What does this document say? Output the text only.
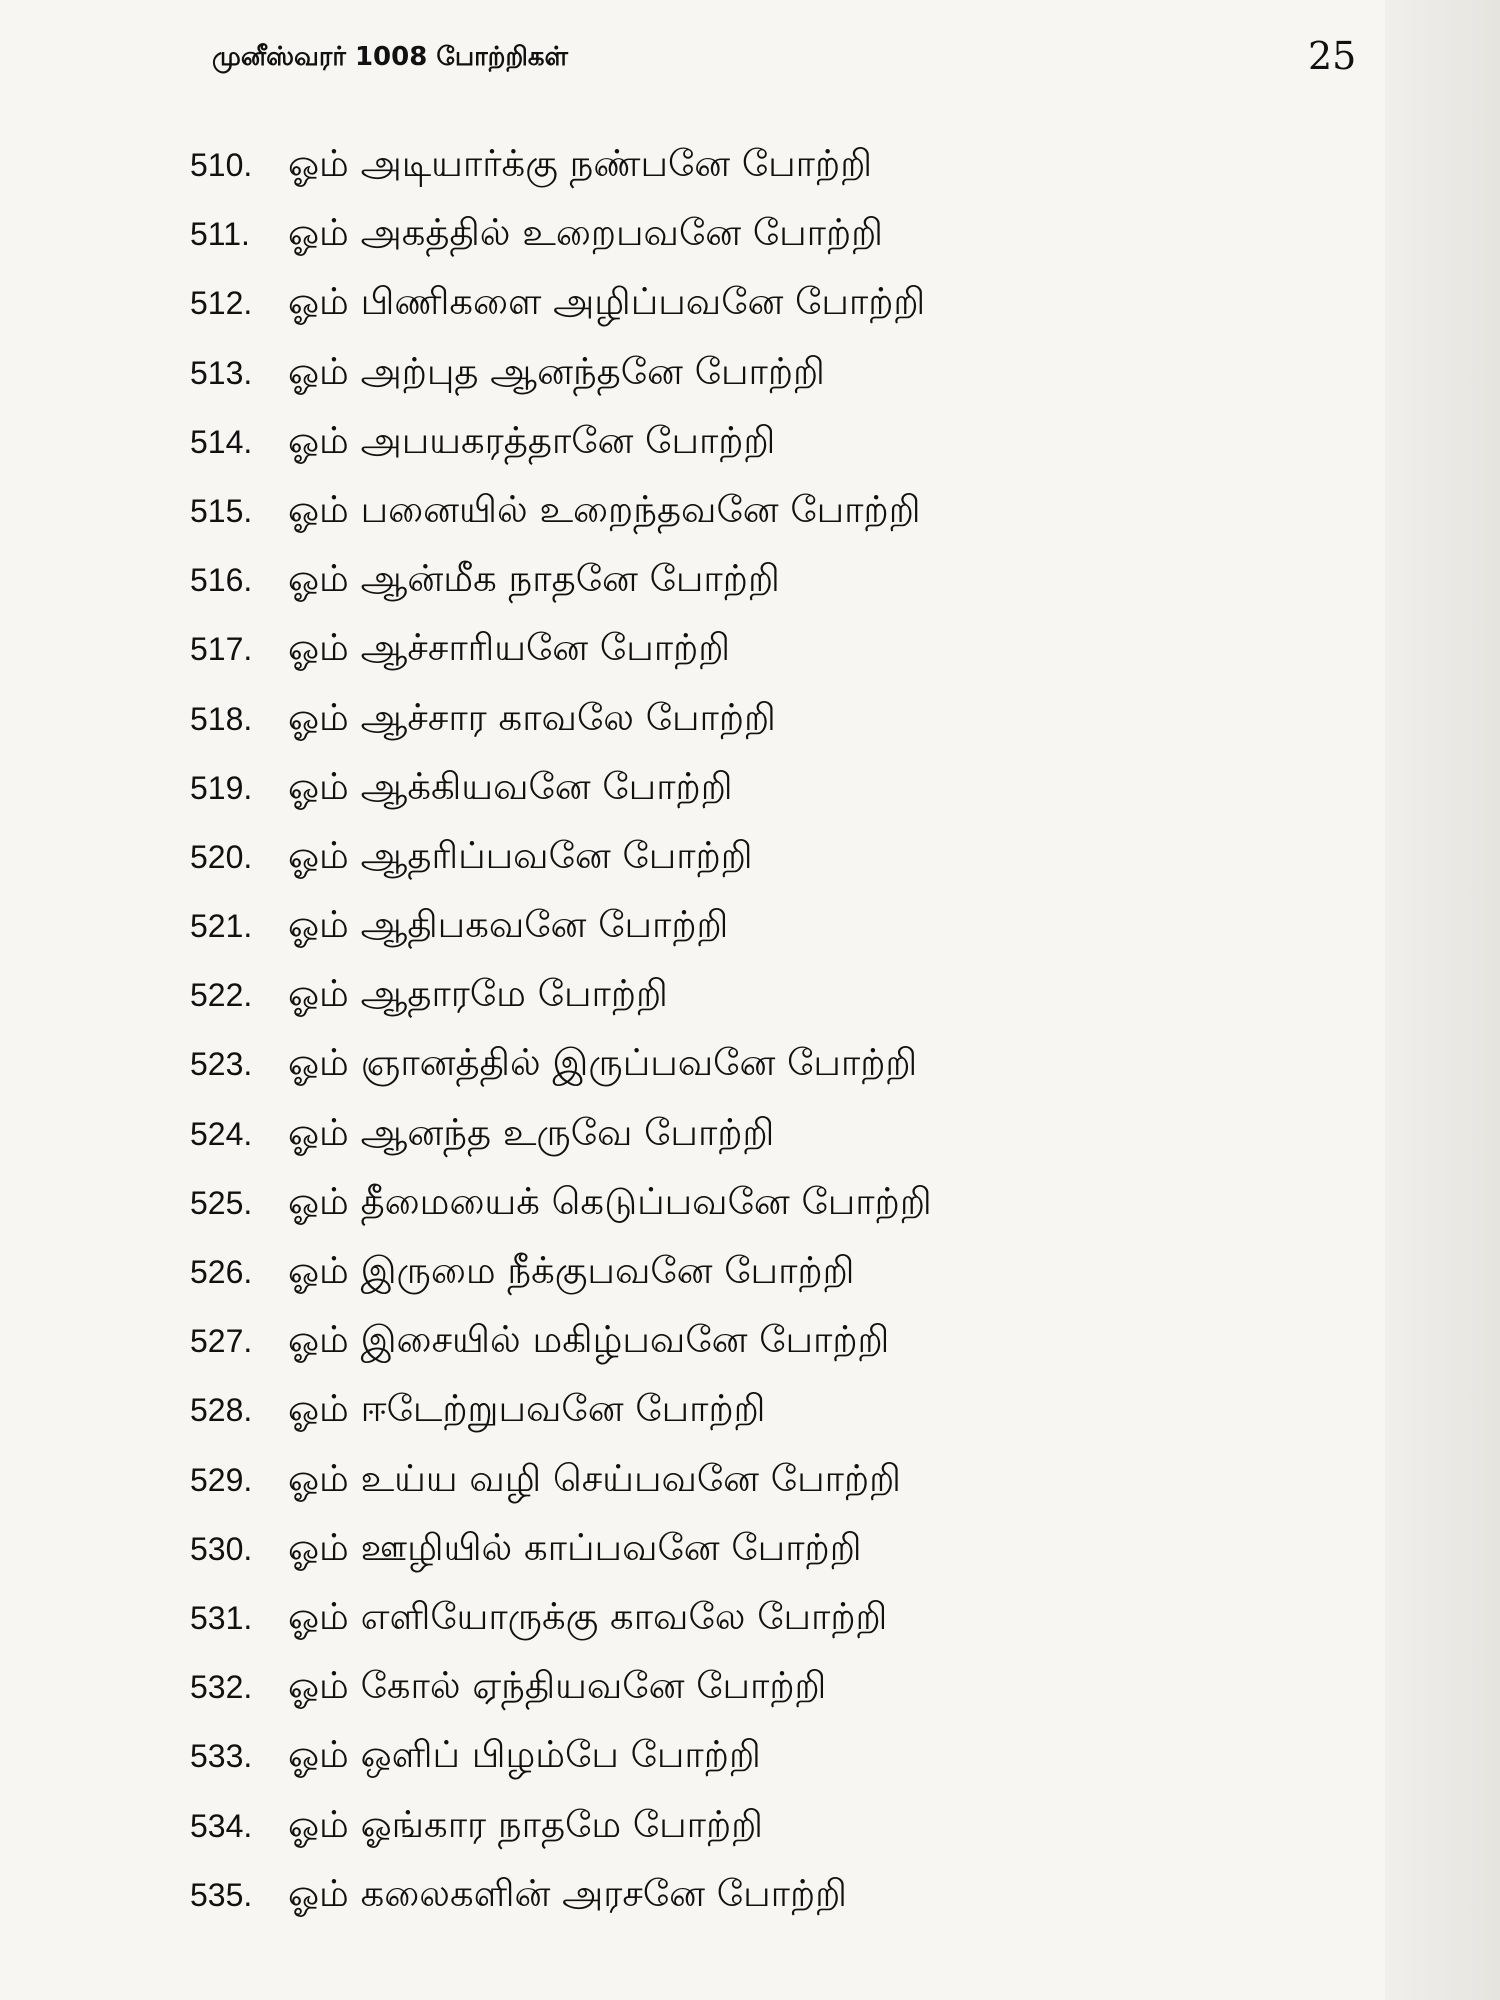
முனீஸ்வரர் 1008 போற்றிகள்	25
510. ஓம் அடியார்க்கு நண்பனே போற்றி
511.	ஓம் அகத்தில் உறைபவனே போற்றி
512. ஓம் பிணிகளை அழிப்பவனே போற்றி
513. ஓம் அற்புத ஆனந்தனே போற்றி
514. ஓம் அபயகரத்தானே போற்றி
515. ஓம் பனையில் உறைந்தவனே போற்றி
516. ஓம் ஆன்மீக நாதனே போற்றி
517. ஓம் ஆச்சாரியனே போற்றி
518. ஓம் ஆச்சார காவலே போற்றி
519. ஓம் ஆக்கியவனே போற்றி
520. ஓம் ஆதரிப்பவனே போற்றி
521. ஓம் ஆதிபகவனே போற்றி
522. ஓம் ஆதாரமே போற்றி
523. ஓம் ஞானத்தில் இருப்பவனே போற்றி
524. ஓம் ஆனந்த உருவே போற்றி
525. ஓம் தீமையைக் கெடுப்பவனே போற்றி
526. ஓம் இருமை நீக்குபவனே போற்றி
527. ஓம் இசையில் மகிழ்பவனே போற்றி
528. ஓம் ஈடேற்றுபவனே போற்றி
529. ஓம் உய்ய வழி செய்பவனே போற்றி
530. ஓம் ஊழியில் காப்பவனே போற்றி
531. ஓம் எளியோருக்கு காவலே போற்றி
532. ஓம் கோல் ஏந்தியவனே போற்றி
533. ஓம் ஒளிப் பிழம்பே போற்றி
534. ஓம் ஓங்கார நாதமே போற்றி
535. ஓம் கலைகளின் அரசனே போற்றி
